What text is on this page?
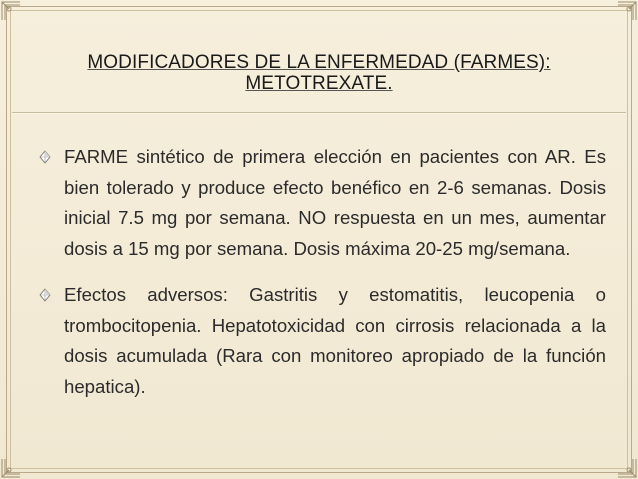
MODIFICADORES DE LA ENFERMEDAD (FARMES):
METOTREXATE.
FARME sintético de primera elección en pacientes con AR. Es bien tolerado y produce efecto benéfico en 2-6 semanas. Dosis inicial 7.5 mg por semana. NO respuesta en un mes, aumentar dosis a 15 mg por semana. Dosis máxima 20-25 mg/semana.
Efectos adversos: Gastritis y estomatitis, leucopenia o trombocitopenia. Hepatotoxicidad con cirrosis relacionada a la dosis acumulada (Rara con monitoreo apropiado de la función hepatica).
